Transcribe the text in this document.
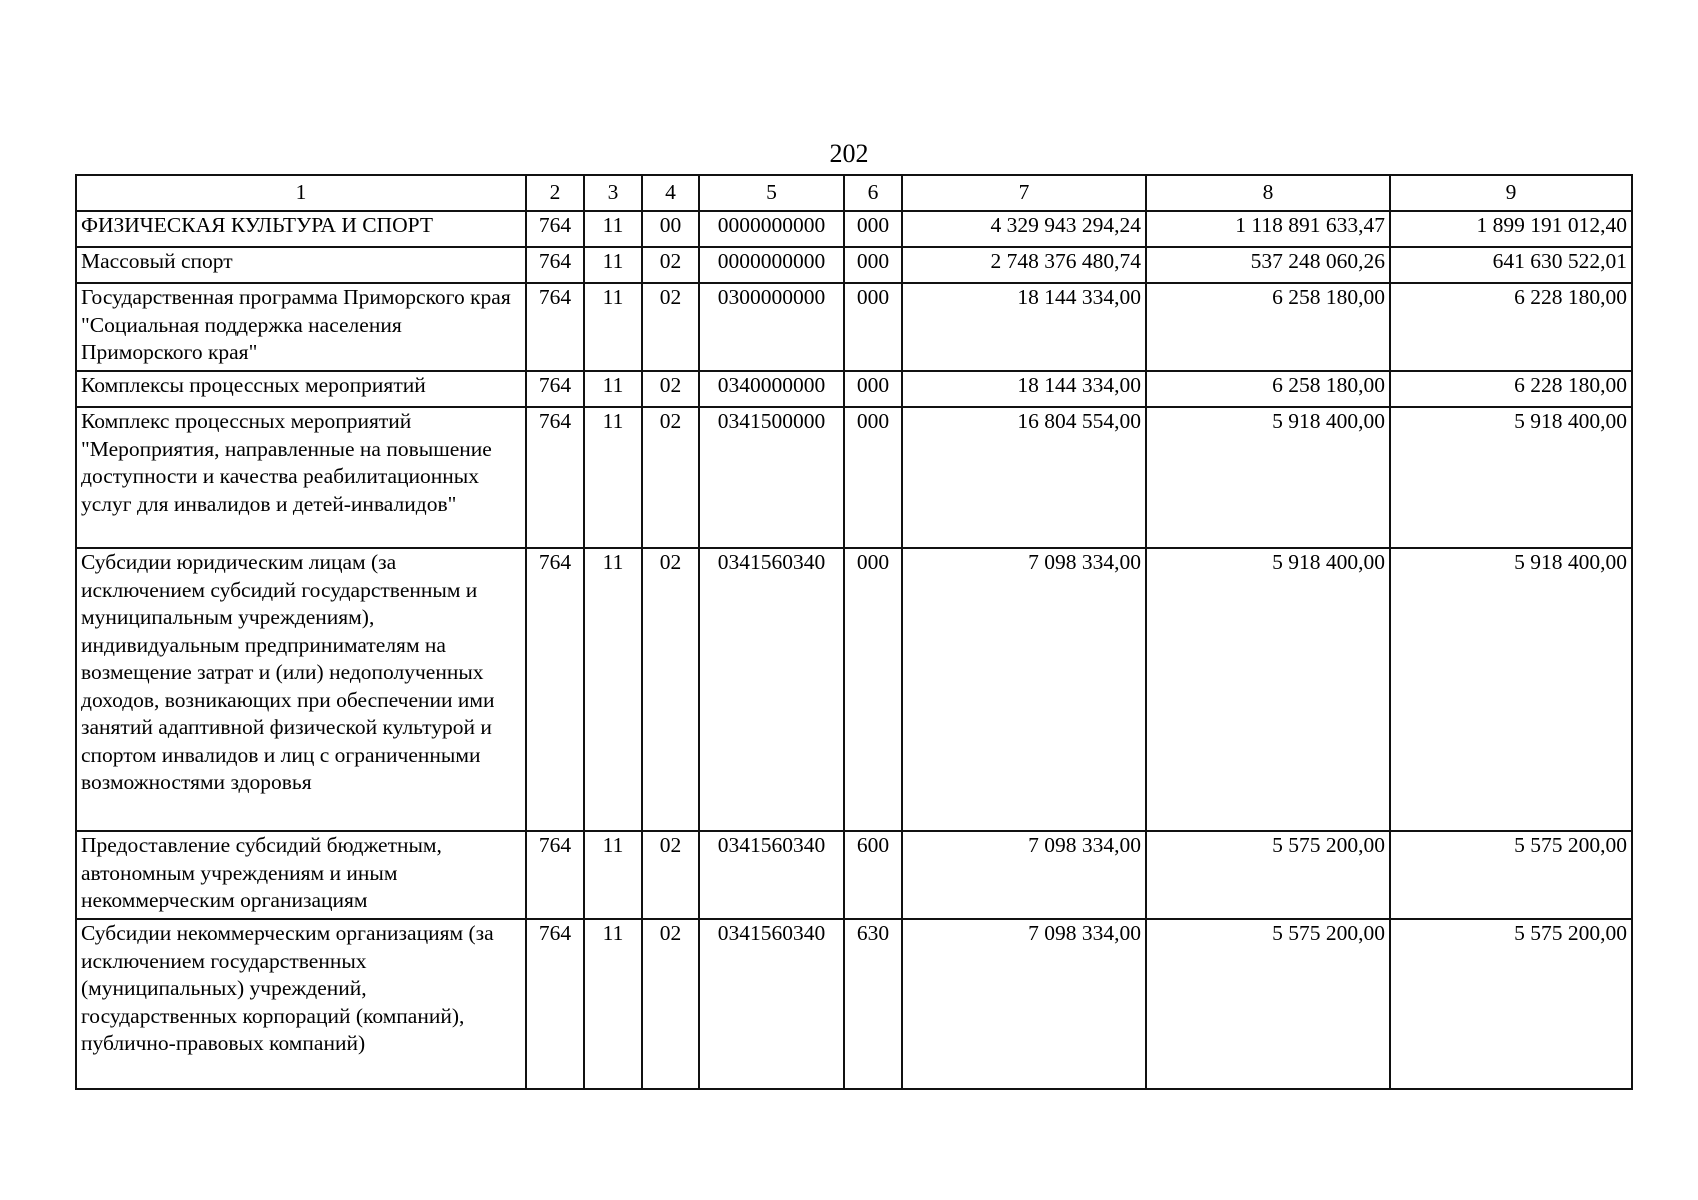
202
1	2	3	4	5	6	7	8	9
ФИЗИЧЕСКАЯ КУЛЬТУРА И СПОРТ	764	11	00	0000000000	000	4 329 943 294,24	1 118 891 633,47	1 899 191 012,40
Массовый спорт	764	11	02	0000000000	000	2 748 376 480,74	537 248 060,26	641 630 522,01
Государственная программа Приморского края "Социальная поддержка населения Приморского края"	764	11	02	0300000000	000	18 144 334,00	6 258 180,00	6 228 180,00
Комплексы процессных мероприятий	764	11	02	0340000000	000	18 144 334,00	6 258 180,00	6 228 180,00
Комплекс процессных мероприятий "Мероприятия, направленные на повышение доступности и качества реабилитационных услуг для инвалидов и детей-инвалидов"	764	11	02	0341500000	000	16 804 554,00	5 918 400,00	5 918 400,00
Субсидии юридическим лицам (за исключением субсидий государственным и муниципальным учреждениям), индивидуальным предпринимателям на возмещение затрат и (или) недополученных доходов, возникающих при обеспечении ими занятий адаптивной физической культурой и спортом инвалидов и лиц с ограниченными возможностями здоровья	764	11	02	0341560340	000	7 098 334,00	5 918 400,00	5 918 400,00
Предоставление субсидий бюджетным, автономным учреждениям и иным некоммерческим организациям	764	11	02	0341560340	600	7 098 334,00	5 575 200,00	5 575 200,00
Субсидии некоммерческим организациям (за исключением государственных (муниципальных) учреждений, государственных корпораций (компаний), публично-правовых компаний)	764	11	02	0341560340	630	7 098 334,00	5 575 200,00	5 575 200,00
